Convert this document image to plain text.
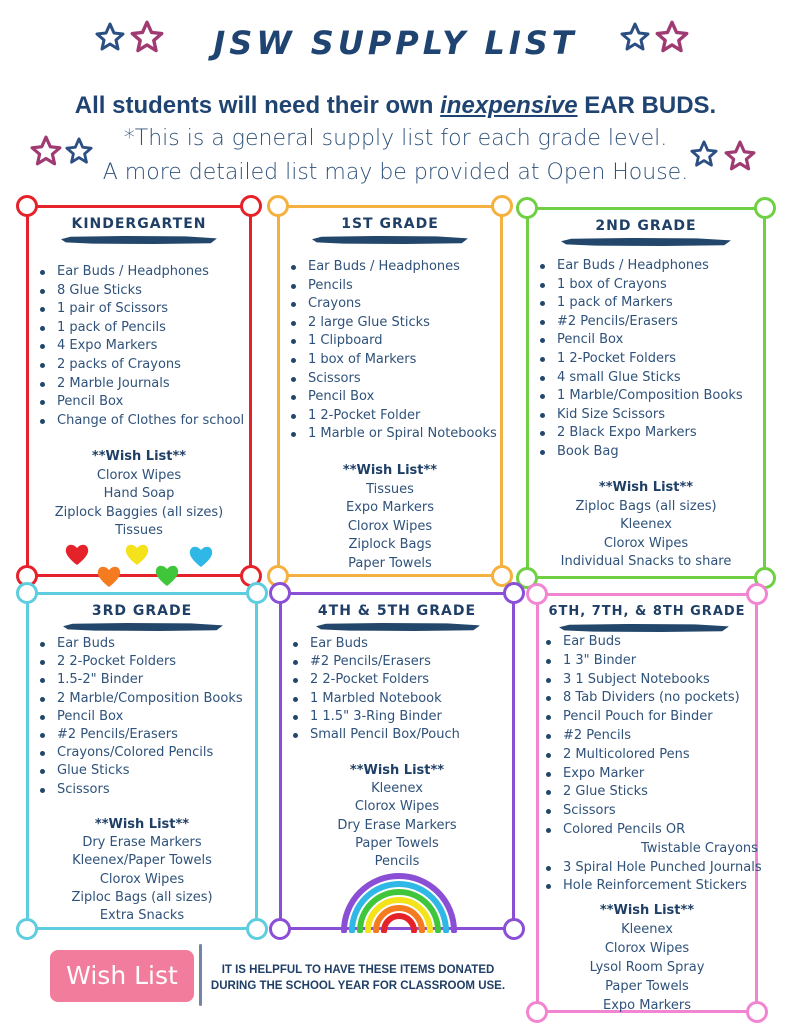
JSW SUPPLY LIST
All students will need their own inexpensive EAR BUDS.
*This is a general supply list for each grade level.
A more detailed list may be provided at Open House.
KINDERGARTEN
Ear Buds / Headphones
8 Glue Sticks
1 pair of Scissors
1 pack of Pencils
4 Expo Markers
2 packs of Crayons
2 Marble Journals
Pencil Box
Change of Clothes for school
**Wish List**
Clorox Wipes
Hand Soap
Ziplock Baggies (all sizes)
Tissues
1ST GRADE
Ear Buds / Headphones
Pencils
Crayons
2 large Glue Sticks
1 Clipboard
1 box of Markers
Scissors
Pencil Box
1 2-Pocket Folder
1 Marble or Spiral Notebooks
**Wish List**
Tissues
Expo Markers
Clorox Wipes
Ziplock Bags
Paper Towels
2ND GRADE
Ear Buds / Headphones
1 box of Crayons
1 pack of Markers
#2 Pencils/Erasers
Pencil Box
1 2-Pocket Folders
4 small Glue Sticks
1 Marble/Composition Books
Kid Size Scissors
2 Black Expo Markers
Book Bag
**Wish List**
Ziploc Bags (all sizes)
Kleenex
Clorox Wipes
Individual Snacks to share
3RD GRADE
Ear Buds
2 2-Pocket Folders
1.5-2" Binder
2 Marble/Composition Books
Pencil Box
#2 Pencils/Erasers
Crayons/Colored Pencils
Glue Sticks
Scissors
**Wish List**
Dry Erase Markers
Kleenex/Paper Towels
Clorox Wipes
Ziploc Bags (all sizes)
Extra Snacks
4TH & 5TH GRADE
Ear Buds
#2 Pencils/Erasers
2 2-Pocket Folders
1 Marbled Notebook
1 1.5" 3-Ring Binder
Small Pencil Box/Pouch
**Wish List**
Kleenex
Clorox Wipes
Dry Erase Markers
Paper Towels
Pencils
6TH, 7TH, & 8TH GRADE
Ear Buds
1 3" Binder
3 1 Subject Notebooks
8 Tab Dividers (no pockets)
Pencil Pouch for Binder
#2 Pencils
2 Multicolored Pens
Expo Marker
2 Glue Sticks
Scissors
Colored Pencils OR
Twistable Crayons
3 Spiral Hole Punched Journals
Hole Reinforcement Stickers
**Wish List**
Kleenex
Clorox Wipes
Lysol Room Spray
Paper Towels
Expo Markers
Wish List	IT IS HELPFUL TO HAVE THESE ITEMS DONATED
DURING THE SCHOOL YEAR FOR CLASSROOM USE.
